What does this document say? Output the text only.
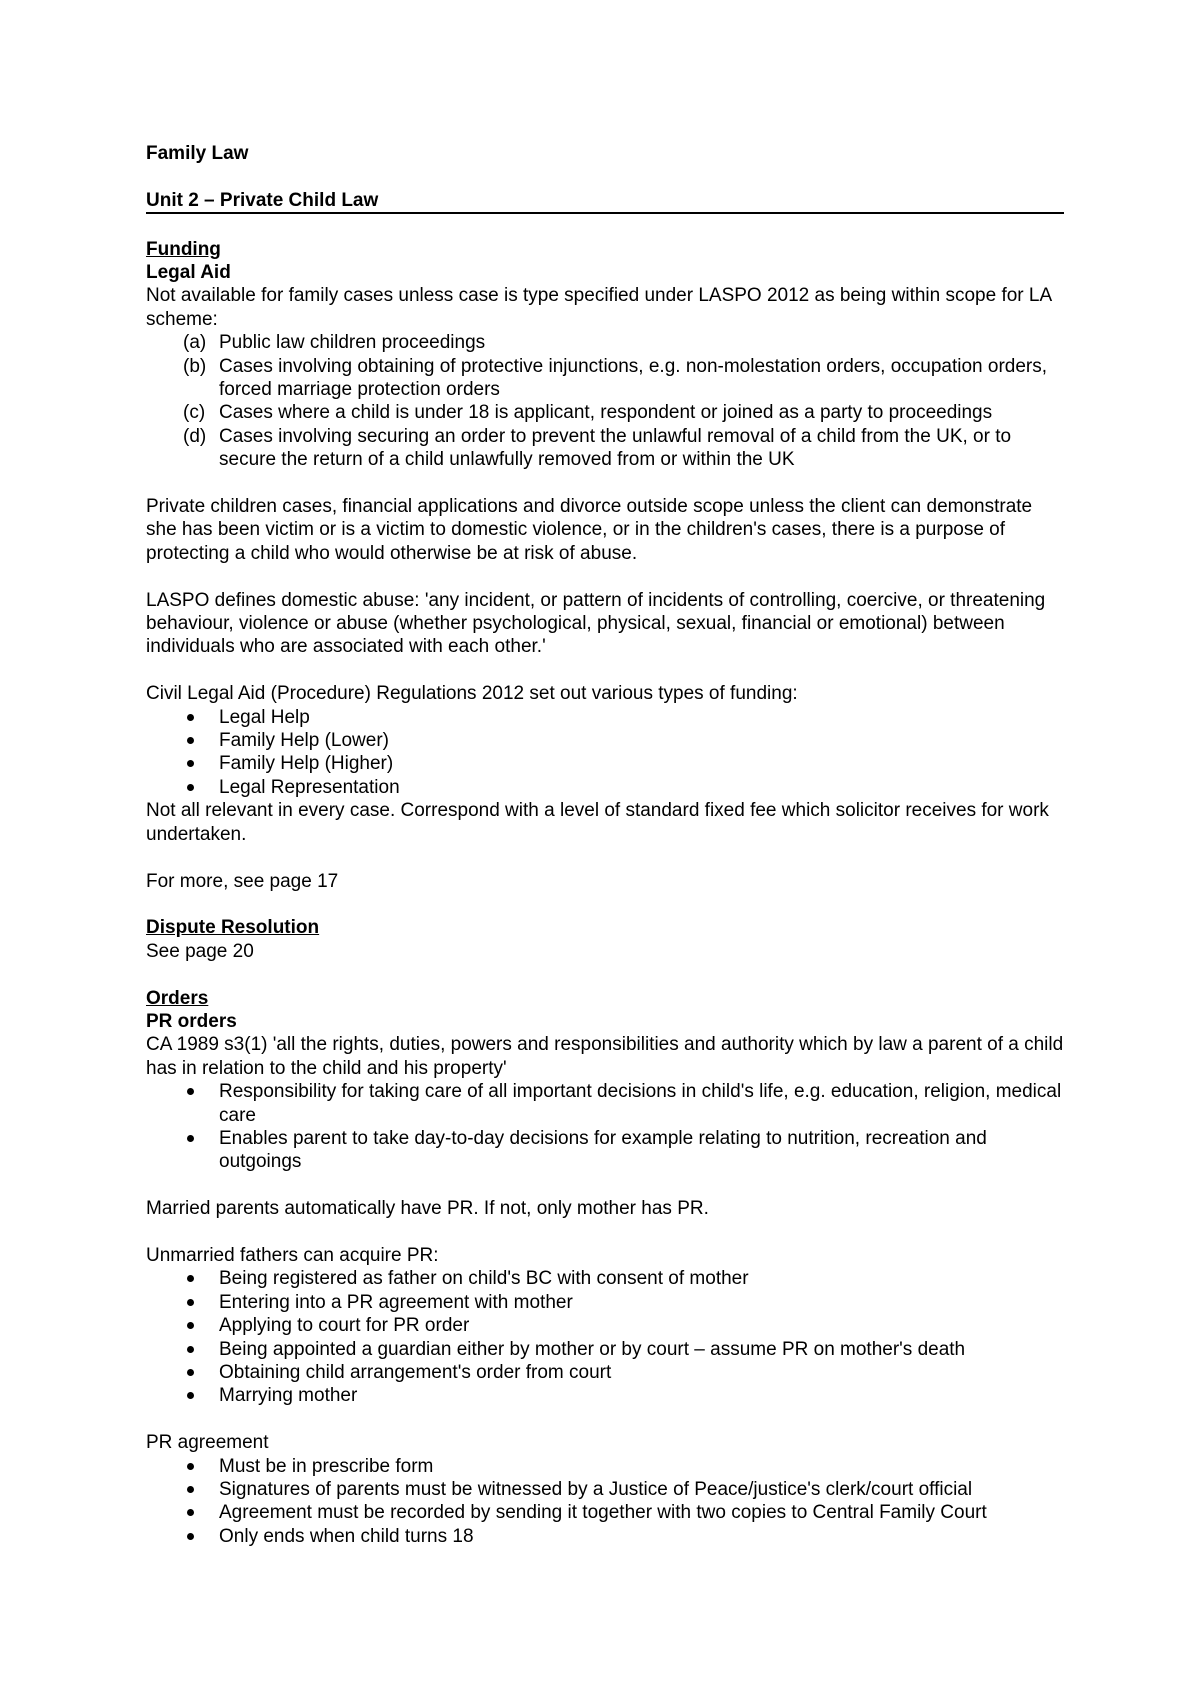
Family Law

Unit 2 – Private Child Law

Funding

Legal Aid

Not available for family cases unless case is type specified under LASPO 2012 as being within scope for LA scheme:

(a) Public law children proceedings
(b) Cases involving obtaining of protective injunctions, e.g. non-molestation orders, occupation orders, forced marriage protection orders
(c) Cases where a child is under 18 is applicant, respondent or joined as a party to proceedings
(d) Cases involving securing an order to prevent the unlawful removal of a child from the UK, or to secure the return of a child unlawfully removed from or within the UK

Private children cases, financial applications and divorce outside scope unless the client can demonstrate she has been victim or is a victim to domestic violence, or in the children's cases, there is a purpose of protecting a child who would otherwise be at risk of abuse.

LASPO defines domestic abuse: 'any incident, or pattern of incidents of controlling, coercive, or threatening behaviour, violence or abuse (whether psychological, physical, sexual, financial or emotional) between individuals who are associated with each other.'

Civil Legal Aid (Procedure) Regulations 2012 set out various types of funding:

Legal Help
Family Help (Lower)
Family Help (Higher)
Legal Representation

Not all relevant in every case. Correspond with a level of standard fixed fee which solicitor receives for work undertaken.

For more, see page 17

Dispute Resolution

See page 20

Orders

PR orders

CA 1989 s3(1) 'all the rights, duties, powers and responsibilities and authority which by law a parent of a child has in relation to the child and his property'

Responsibility for taking care of all important decisions in child's life, e.g. education, religion, medical care
Enables parent to take day-to-day decisions for example relating to nutrition, recreation and outgoings

Married parents automatically have PR. If not, only mother has PR.

Unmarried fathers can acquire PR:

Being registered as father on child's BC with consent of mother
Entering into a PR agreement with mother
Applying to court for PR order
Being appointed a guardian either by mother or by court – assume PR on mother's death
Obtaining child arrangement's order from court
Marrying mother

PR agreement

Must be in prescribe form
Signatures of parents must be witnessed by a Justice of Peace/justice's clerk/court official
Agreement must be recorded by sending it together with two copies to Central Family Court
Only ends when child turns 18
